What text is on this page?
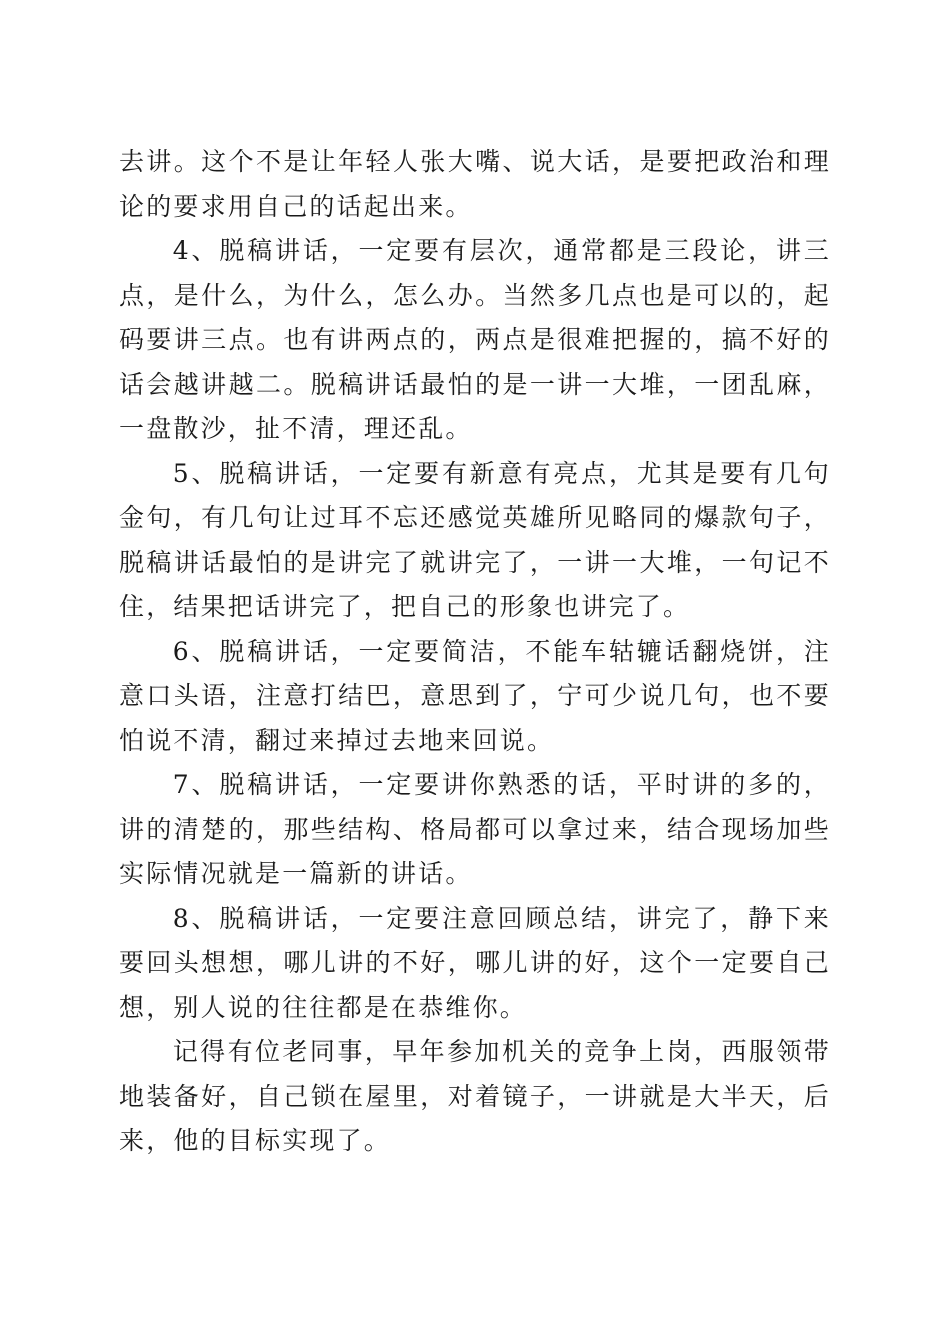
去讲。这个不是让年轻人张大嘴、说大话，是要把政治和理论的要求用自己的话起出来。

4、脱稿讲话，一定要有层次，通常都是三段论，讲三点，是什么，为什么，怎么办。当然多几点也是可以的，起码要讲三点。也有讲两点的，两点是很难把握的，搞不好的话会越讲越二。脱稿讲话最怕的是一讲一大堆，一团乱麻，一盘散沙，扯不清，理还乱。

5、脱稿讲话，一定要有新意有亮点，尤其是要有几句金句，有几句让过耳不忘还感觉英雄所见略同的爆款句子，脱稿讲话最怕的是讲完了就讲完了，一讲一大堆，一句记不住，结果把话讲完了，把自己的形象也讲完了。

6、脱稿讲话，一定要简洁，不能车轱辘话翻烧饼，注意口头语，注意打结巴，意思到了，宁可少说几句，也不要怕说不清，翻过来掉过去地来回说。

7、脱稿讲话，一定要讲你熟悉的话，平时讲的多的，讲的清楚的，那些结构、格局都可以拿过来，结合现场加些实际情况就是一篇新的讲话。

8、脱稿讲话，一定要注意回顾总结，讲完了，静下来要回头想想，哪儿讲的不好，哪儿讲的好，这个一定要自己想，别人说的往往都是在恭维你。

记得有位老同事，早年参加机关的竞争上岗，西服领带地装备好，自己锁在屋里，对着镜子，一讲就是大半天，后来，他的目标实现了。
